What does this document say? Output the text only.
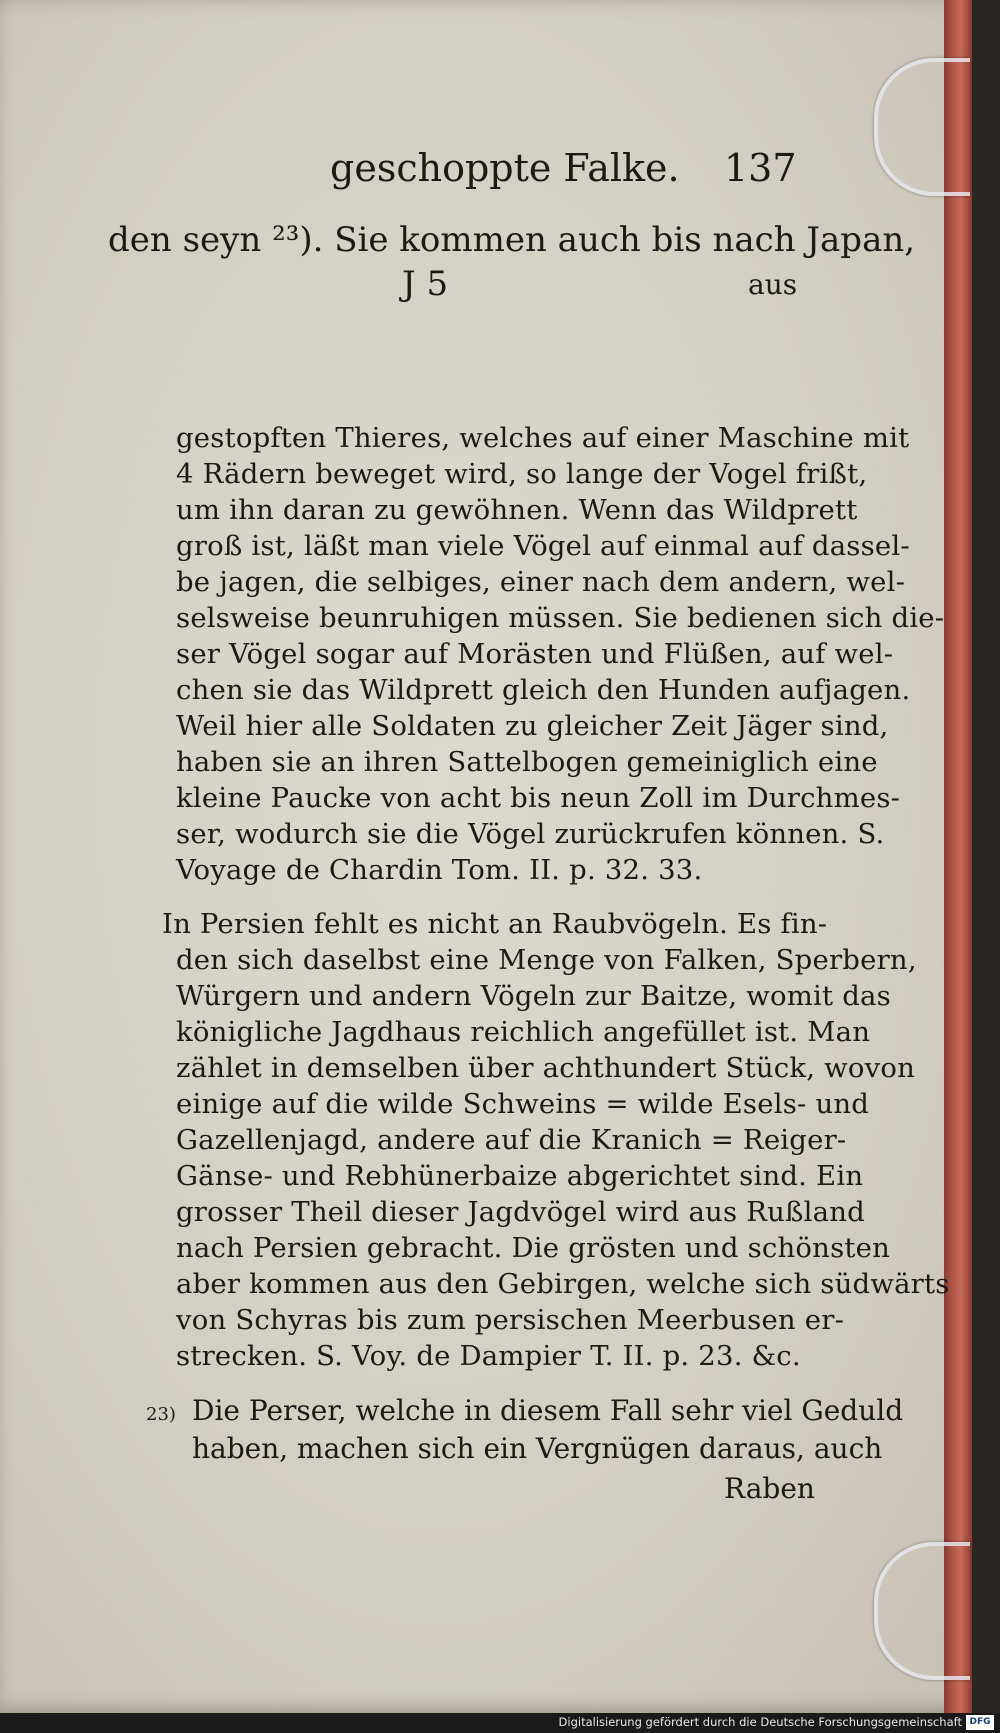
geschoppte Falke. 137
den seyn ²³). Sie kommen auch bis nach Japan,
J 5	aus
gestopften Thieres, welches auf einer Maschine mit
4 Rädern beweget wird, so lange der Vogel frißt,
um ihn daran zu gewöhnen. Wenn das Wildprett
groß ist, läßt man viele Vögel auf einmal auf dassel-
be jagen, die selbiges, einer nach dem andern, wel-
selsweise beunruhigen müssen. Sie bedienen sich die-
ser Vögel sogar auf Morästen und Flüßen, auf wel-
chen sie das Wildprett gleich den Hunden aufjagen.
Weil hier alle Soldaten zu gleicher Zeit Jäger sind,
haben sie an ihren Sattelbogen gemeiniglich eine
kleine Paucke von acht bis neun Zoll im Durchmes-
ser, wodurch sie die Vögel zurückrufen können. S.
Voyage de Chardin Tom. II. p. 32. 33.
In Persien fehlt es nicht an Raubvögeln. Es fin-
den sich daselbst eine Menge von Falken, Sperbern,
Würgern und andern Vögeln zur Baitze, womit das
königliche Jagdhaus reichlich angefüllet ist. Man
zählet in demselben über achthundert Stück, wovon
einige auf die wilde Schweins = wilde Esels- und
Gazellenjagd, andere auf die Kranich = Reiger-
Gänse- und Rebhünerbaize abgerichtet sind. Ein
grosser Theil dieser Jagdvögel wird aus Rußland
nach Persien gebracht. Die grösten und schönsten
aber kommen aus den Gebirgen, welche sich südwärts
von Schyras bis zum persischen Meerbusen er-
strecken. S. Voy. de Dampier T. II. p. 23. &c.
23) Die Perser, welche in diesem Fall sehr viel Geduld
haben, machen sich ein Vergnügen daraus, auch
Raben
Digitalisierung gefördert durch die Deutsche Forschungsgemeinschaft DFG
